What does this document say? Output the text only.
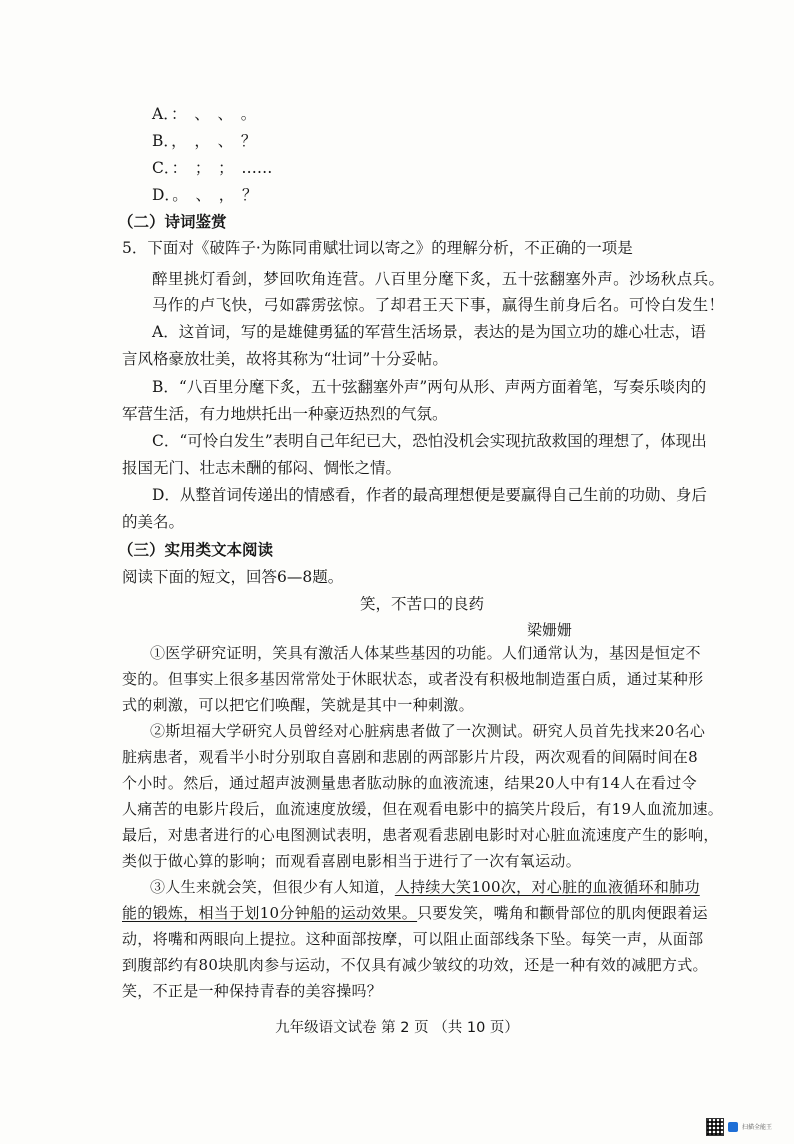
A．：　、　、　。
B．，　，　、　？
C．：　；　；　……
D．。　、　，　？
（二）诗词鉴赏
5．下面对《破阵子·为陈同甫赋壮词以寄之》的理解分析，不正确的一项是
醉里挑灯看剑，梦回吹角连营。八百里分麾下炙，五十弦翻塞外声。沙场秋点兵。
马作的卢飞快，弓如霹雳弦惊。了却君王天下事，赢得生前身后名。可怜白发生！
A．这首词，写的是雄健勇猛的军营生活场景，表达的是为国立功的雄心壮志，语
言风格豪放壮美，故将其称为“壮词”十分妥帖。
B．“八百里分麾下炙，五十弦翻塞外声”两句从形、声两方面着笔，写奏乐啖肉的
军营生活，有力地烘托出一种豪迈热烈的气氛。
C．“可怜白发生”表明自己年纪已大，恐怕没机会实现抗敌救国的理想了，体现出
报国无门、壮志未酬的郁闷、惆怅之情。
D．从整首词传递出的情感看，作者的最高理想便是要赢得自己生前的功勋、身后
的美名。
（三）实用类文本阅读
阅读下面的短文，回答6—8题。
笑，不苦口的良药
梁姗姗
①医学研究证明，笑具有激活人体某些基因的功能。人们通常认为，基因是恒定不
变的。但事实上很多基因常常处于休眠状态，或者没有积极地制造蛋白质，通过某种形
式的刺激，可以把它们唤醒，笑就是其中一种刺激。
②斯坦福大学研究人员曾经对心脏病患者做了一次测试。研究人员首先找来20名心
脏病患者，观看半小时分别取自喜剧和悲剧的两部影片片段，两次观看的间隔时间在8
个小时。然后，通过超声波测量患者肱动脉的血液流速，结果20人中有14人在看过令
人痛苦的电影片段后，血流速度放缓，但在观看电影中的搞笑片段后，有19人血流加速。
最后，对患者进行的心电图测试表明，患者观看悲剧电影时对心脏血流速度产生的影响，
类似于做心算的影响；而观看喜剧电影相当于进行了一次有氧运动。
③人生来就会笑，但很少有人知道，人持续大笑100次，对心脏的血液循环和肺功
能的锻炼，相当于划10分钟船的运动效果。只要发笑，嘴角和颧骨部位的肌肉便跟着运
动，将嘴和两眼向上提拉。这种面部按摩，可以阻止面部线条下坠。每笑一声，从面部
到腹部约有80块肌肉参与运动，不仅具有减少皱纹的功效，还是一种有效的减肥方式。
笑，不正是一种保持青春的美容操吗？
九年级语文试卷 第 2 页 （共 10 页）
扫描全能王
